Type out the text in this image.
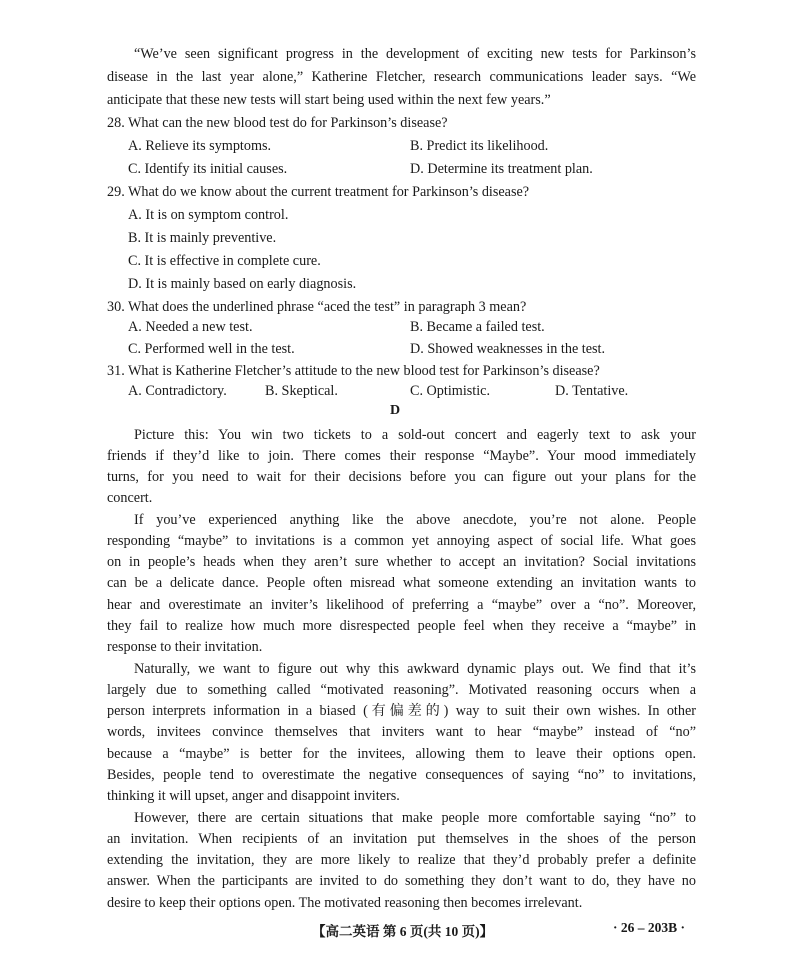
“We’ve seen significant progress in the development of exciting new tests for Parkinson’s
disease in the last year alone,” Katherine Fletcher, research communications leader says. “We
anticipate that these new tests will start being used within the next few years.”
28. What can the new blood test do for Parkinson’s disease?
A. Relieve its symptoms.	B. Predict its likelihood.
C. Identify its initial causes.	D. Determine its treatment plan.
29. What do we know about the current treatment for Parkinson’s disease?
A. It is on symptom control.
B. It is mainly preventive.
C. It is effective in complete cure.
D. It is mainly based on early diagnosis.
30. What does the underlined phrase “aced the test” in paragraph 3 mean?
A. Needed a new test.	B. Became a failed test.
C. Performed well in the test.	D. Showed weaknesses in the test.
31. What is Katherine Fletcher’s attitude to the new blood test for Parkinson’s disease?
A. Contradictory.	B. Skeptical.	C. Optimistic.	D. Tentative.
D
Picture this: You win two tickets to a sold-out concert and eagerly text to ask your
friends if they’d like to join. There comes their response “Maybe”. Your mood immediately
turns, for you need to wait for their decisions before you can figure out your plans for the
concert.
If you’ve experienced anything like the above anecdote, you’re not alone. People
responding “maybe” to invitations is a common yet annoying aspect of social life. What goes
on in people’s heads when they aren’t sure whether to accept an invitation? Social invitations
can be a delicate dance. People often misread what someone extending an invitation wants to
hear and overestimate an inviter’s likelihood of preferring a “maybe” over a “no”. Moreover,
they fail to realize how much more disrespected people feel when they receive a “maybe” in
response to their invitation.
Naturally, we want to figure out why this awkward dynamic plays out. We find that it’s
largely due to something called “motivated reasoning”. Motivated reasoning occurs when a
person interprets information in a biased (有偏差的) way to suit their own wishes. In other
words, invitees convince themselves that inviters want to hear “maybe” instead of “no”
because a “maybe” is better for the invitees, allowing them to leave their options open.
Besides, people tend to overestimate the negative consequences of saying “no” to invitations,
thinking it will upset, anger and disappoint inviters.
However, there are certain situations that make people more comfortable saying “no” to
an invitation. When recipients of an invitation put themselves in the shoes of the person
extending the invitation, they are more likely to realize that they’d probably prefer a definite
answer. When the participants are invited to do something they don’t want to do, they have no
desire to keep their options open. The motivated reasoning then becomes irrelevant.
【高二英语 第 6 页(共 10 页)】	· 26 – 203B ·
